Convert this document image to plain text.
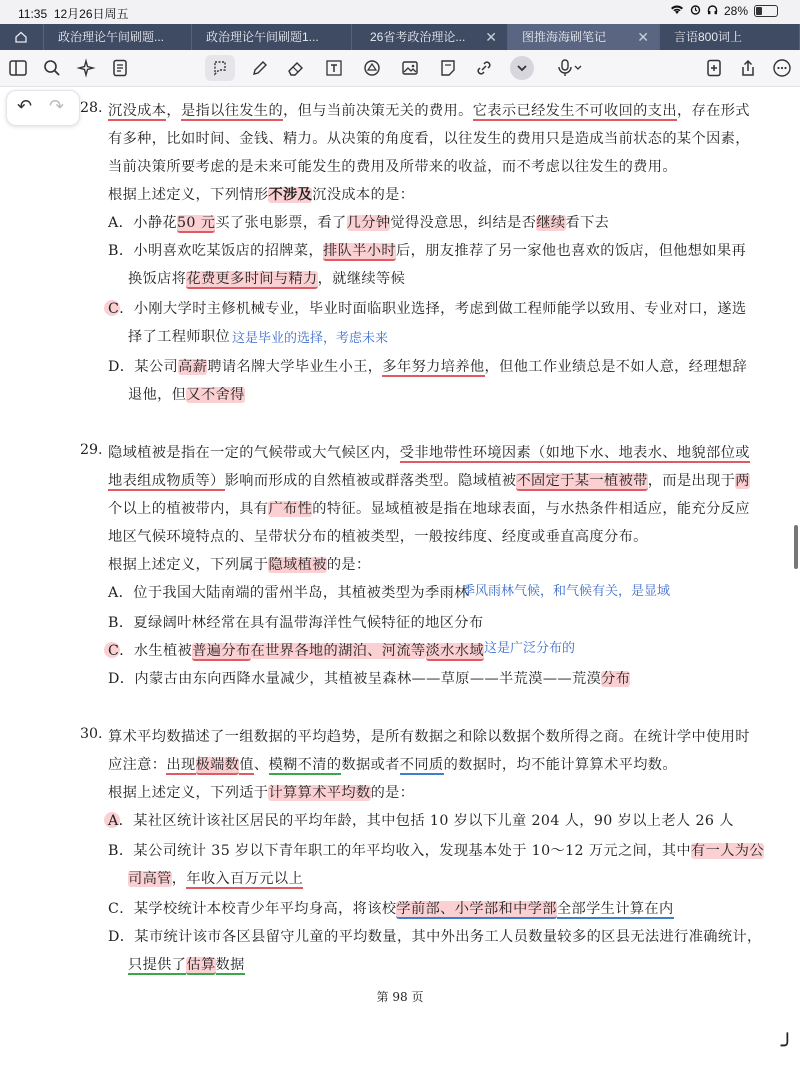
11:35 12月26日周五	28%
政治理论午间刷题...	政治理论午间刷题1...	26省考政治理论... ✕	图推海海刷笔记 ✕	言语800词上
↶ ↷ 28. 沉没成本，是指以往发生的，但与当前决策无关的费用。它表示已经发生不可收回的支出，存在形式
有多种，比如时间、金钱、精力。从决策的角度看，以往发生的费用只是造成当前状态的某个因素，
当前决策所要考虑的是未来可能发生的费用及所带来的收益，而不考虑以往发生的费用。
根据上述定义，下列情形不涉及沉没成本的是：
A．小静花50 元买了张电影票，看了几分钟觉得没意思，纠结是否继续看下去
B．小明喜欢吃某饭店的招牌菜，排队半小时后，朋友推荐了另一家他也喜欢的饭店，但他想如果再
换饭店将花费更多时间与精力，就继续等候
C．小刚大学时主修机械专业，毕业时面临职业选择，考虑到做工程师能学以致用、专业对口，遂选
择了工程师职位 这是毕业的选择，考虑未来
D．某公司高薪聘请名牌大学毕业生小王，多年努力培养他，但他工作业绩总是不如人意，经理想辞
退他，但又不舍得
29. 隐域植被是指在一定的气候带或大气候区内，受非地带性环境因素（如地下水、地表水、地貌部位或
地表组成物质等）影响而形成的自然植被或群落类型。隐域植被不固定于某一植被带，而是出现于两
个以上的植被带内，具有广布性的特征。显域植被是指在地球表面，与水热条件相适应，能充分反应
地区气候环境特点的、呈带状分布的植被类型，一般按纬度、经度或垂直高度分布。
根据上述定义，下列属于隐域植被的是：
A．位于我国大陆南端的雷州半岛，其植被类型为季雨林
季风雨林气候，和气候有关，是显域
B．夏绿阔叶林经常在具有温带海洋性气候特征的地区分布
C．水生植被普遍分布在世界各地的湖泊、河流等淡水水域 这是广泛分布的
D．内蒙古由东向西降水量减少，其植被呈森林——草原——半荒漠——荒漠分布
30. 算术平均数描述了一组数据的平均趋势，是所有数据之和除以数据个数所得之商。在统计学中使用时
应注意：出现极端数值、模糊不清的数据或者不同质的数据时，均不能计算算术平均数。
根据上述定义，下列适于计算算术平均数的是：
A．某社区统计该社区居民的平均年龄，其中包括 10 岁以下儿童 204 人，90 岁以上老人 26 人
B．某公司统计 35 岁以下青年职工的年平均收入，发现基本处于 10～12 万元之间，其中有一人为公
司高管，年收入百万元以上
C．某学校统计本校青少年平均身高，将该校学前部、小学部和中学部全部学生计算在内
D．某市统计该市各区县留守儿童的平均数量，其中外出务工人员数量较多的区县无法进行准确统计，
只提供了估算数据
第 98 页
╯
